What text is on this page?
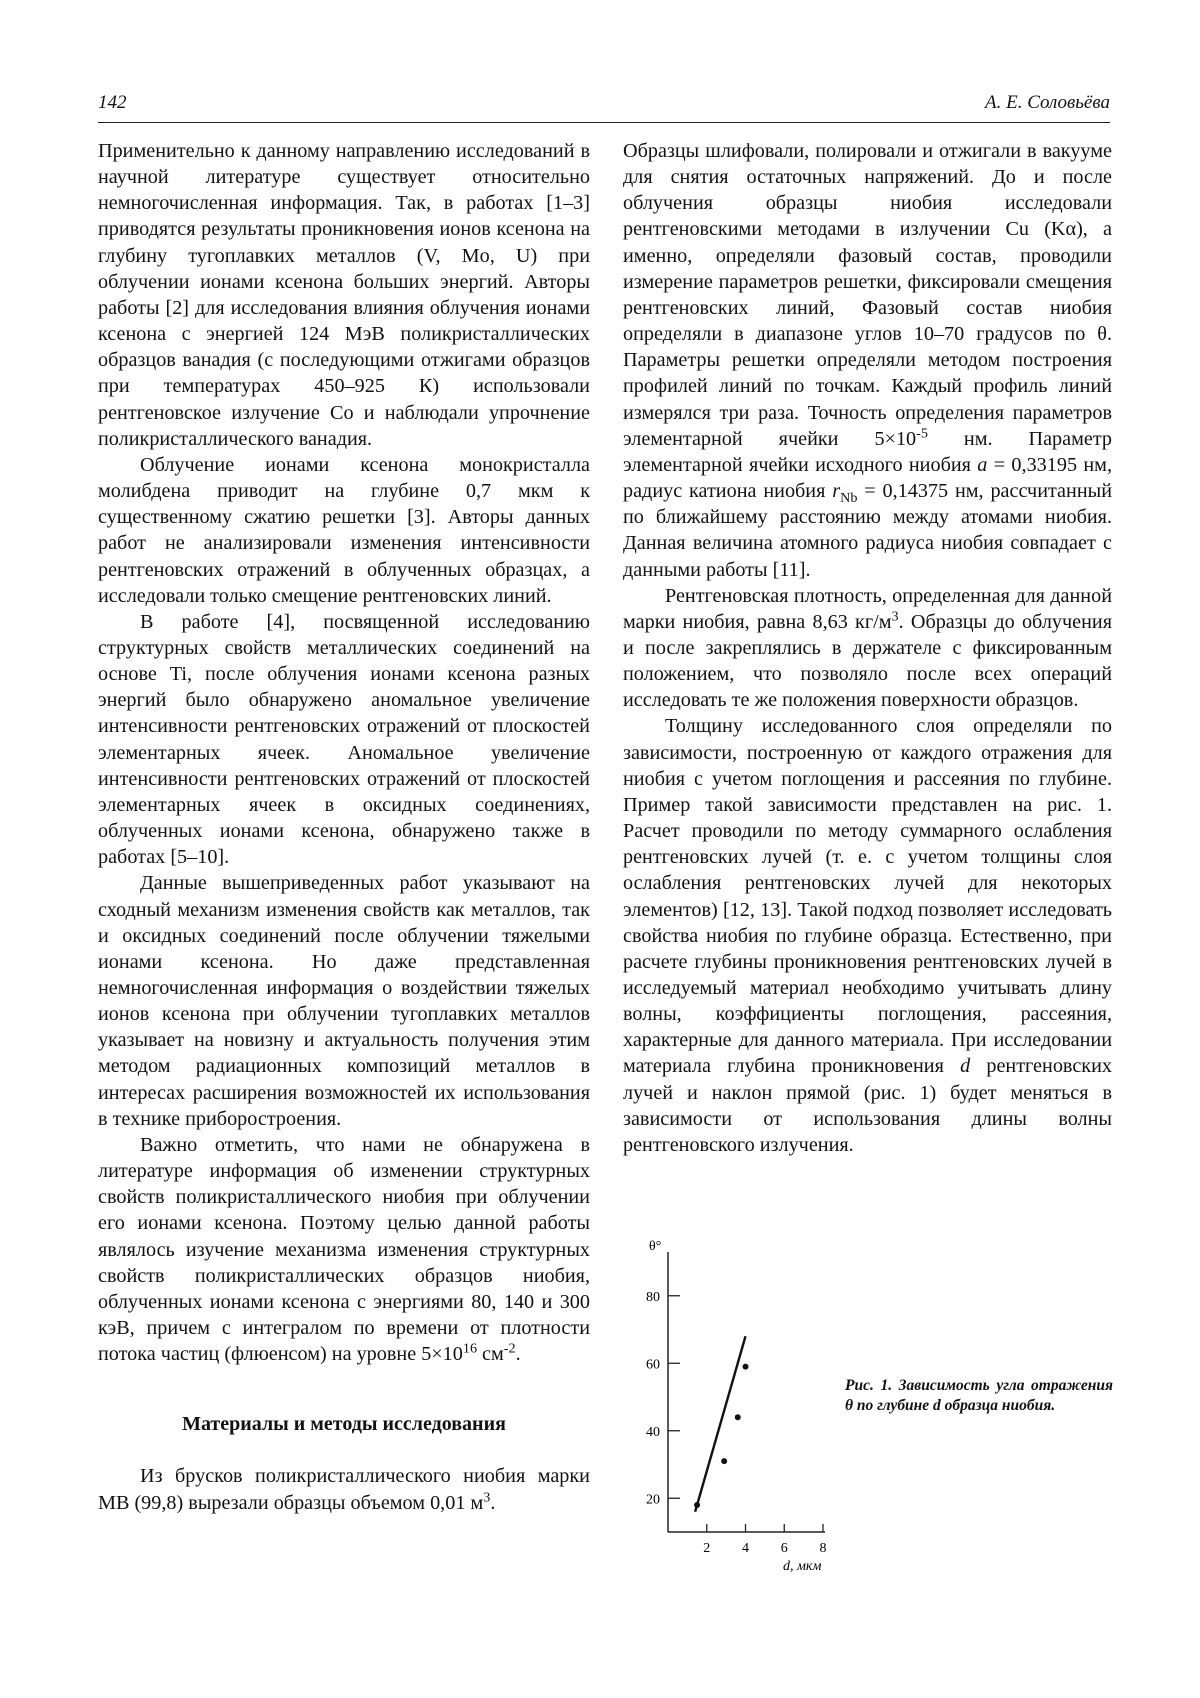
142	А. Е. Соловьёва

Применительно к данному направлению исследований в научной литературе существует относительно немногочисленная информация. Так, в работах [1–3] приводятся результаты проникновения ионов ксенона на глубину тугоплавких металлов (V, Mo, U) при облучении ионами ксенона больших энергий. Авторы работы [2] для исследования влияния облучения ионами ксенона с энергией 124 МэВ поликристаллических образцов ванадия (с последующими отжигами образцов при температурах 450–925 К) использовали рентгеновское излучение Co и наблюдали упрочнение поликристаллического ванадия.

Облучение ионами ксенона монокристалла молибдена приводит на глубине 0,7 мкм к существенному сжатию решетки [3]. Авторы данных работ не анализировали изменения интенсивности рентгеновских отражений в облученных образцах, а исследовали только смещение рентгеновских линий.

В работе [4], посвященной исследованию структурных свойств металлических соединений на основе Ti, после облучения ионами ксенона разных энергий было обнаружено аномальное увеличение интенсивности рентгеновских отражений от плоскостей элементарных ячеек. Аномальное увеличение интенсивности рентгеновских отражений от плоскостей элементарных ячеек в оксидных соединениях, облученных ионами ксенона, обнаружено также в работах [5–10].

Данные вышеприведенных работ указывают на сходный механизм изменения свойств как металлов, так и оксидных соединений после облучении тяжелыми ионами ксенона. Но даже представленная немногочисленная информация о воздействии тяжелых ионов ксенона при облучении тугоплавких металлов указывает на новизну и актуальность получения этим методом радиационных композиций металлов в интересах расширения возможностей их использования в технике приборостроения.

Важно отметить, что нами не обнаружена в литературе информация об изменении структурных свойств поликристаллического ниобия при облучении его ионами ксенона. Поэтому целью данной работы являлось изучение механизма изменения структурных свойств поликристаллических образцов ниобия, облученных ионами ксенона с энергиями 80, 140 и 300 кэВ, причем с интегралом по времени от плотности потока частиц (флюенсом) на уровне $5\times 10^{16}$ $см^{-2}$.

Материалы и методы исследования

Из брусков поликристаллического ниобия марки МВ (99,8) вырезали образцы объемом 0,01 $м^3$.

Образцы шлифовали, полировали и отжигали в вакууме для снятия остаточных напряжений. До и после облучения образцы ниобия исследовали рентгеновскими методами в излучении Cu (Kα), а именно, определяли фазовый состав, проводили измерение параметров решетки, фиксировали смещения рентгеновских линий, Фазовый состав ниобия определяли в диапазоне углов 10–70 градусов по θ. Параметры решетки определяли методом построения профилей линий по точкам. Каждый профиль линий измерялся три раза. Точность определения параметров элементарной ячейки $5\times 10^{-5}$ нм. Параметр элементарной ячейки исходного ниобия a = 0,33195 нм, радиус катиона ниобия $r_{Nb} = 0,14375$ нм, рассчитанный по ближайшему расстоянию между атомами ниобия. Данная величина атомного радиуса ниобия совпадает с данными работы [11].

Рентгеновская плотность, определенная для данной марки ниобия, равна 8,63 $кг/м^3$. Образцы до облучения и после закреплялись в держателе с фиксированным положением, что позволяло после всех операций исследовать те же положения поверхности образцов.

Толщину исследованного слоя определяли по зависимости, построенную от каждого отражения для ниобия с учетом поглощения и рассеяния по глубине. Пример такой зависимости представлен на рис. 1. Расчет проводили по методу суммарного ослабления рентгеновских лучей (т. е. с учетом толщины слоя ослабления рентгеновских лучей для некоторых элементов) [12, 13]. Такой подход позволяет исследовать свойства ниобия по глубине образца. Естественно, при расчете глубины проникновения рентгеновских лучей в исследуемый материал необходимо учитывать длину волны, коэффициенты поглощения, рассеяния, характерные для данного материала. При исследовании материала глубина проникновения d рентгеновских лучей и наклон прямой (рис. 1) будет меняться в зависимости от использования длины волны рентгеновского излучения.

θ°
d, мкм
20
40
60
80
2 4 6 8
Рис. 1. Зависимость угла отражения θ по глубине d образца ниобия.
